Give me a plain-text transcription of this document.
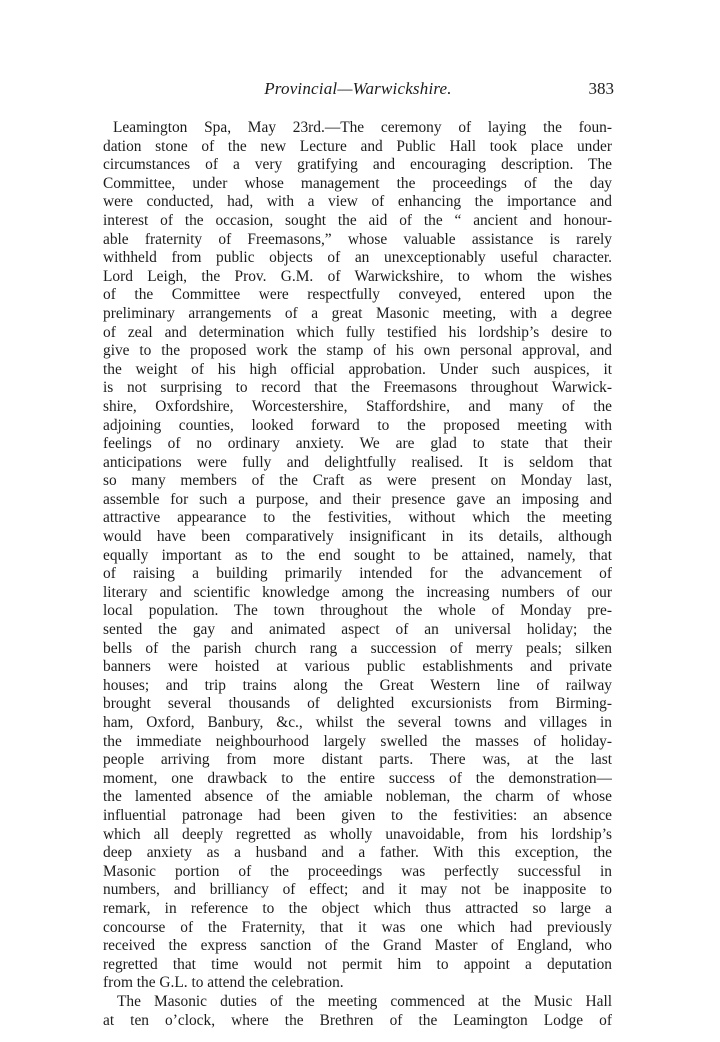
Provincial—Warwickshire.	383
Leamington Spa, May 23rd.—The ceremony of laying the foun-
dation stone of the new Lecture and Public Hall took place under
circumstances of a very gratifying and encouraging description. The
Committee, under whose management the proceedings of the day
were conducted, had, with a view of enhancing the importance and
interest of the occasion, sought the aid of the “ ancient and honour-
able fraternity of Freemasons,” whose valuable assistance is rarely
withheld from public objects of an unexceptionably useful character.
Lord Leigh, the Prov. G.M. of Warwickshire, to whom the wishes
of the Committee were respectfully conveyed, entered upon the
preliminary arrangements of a great Masonic meeting, with a degree
of zeal and determination which fully testified his lordship’s desire to
give to the proposed work the stamp of his own personal approval, and
the weight of his high official approbation. Under such auspices, it
is not surprising to record that the Freemasons throughout Warwick-
shire, Oxfordshire, Worcestershire, Staffordshire, and many of the
adjoining counties, looked forward to the proposed meeting with
feelings of no ordinary anxiety. We are glad to state that their
anticipations were fully and delightfully realised. It is seldom that
so many members of the Craft as were present on Monday last,
assemble for such a purpose, and their presence gave an imposing and
attractive appearance to the festivities, without which the meeting
would have been comparatively insignificant in its details, although
equally important as to the end sought to be attained, namely, that
of raising a building primarily intended for the advancement of
literary and scientific knowledge among the increasing numbers of our
local population. The town throughout the whole of Monday pre-
sented the gay and animated aspect of an universal holiday; the
bells of the parish church rang a succession of merry peals; silken
banners were hoisted at various public establishments and private
houses; and trip trains along the Great Western line of railway
brought several thousands of delighted excursionists from Birming-
ham, Oxford, Banbury, &c., whilst the several towns and villages in
the immediate neighbourhood largely swelled the masses of holiday-
people arriving from more distant parts. There was, at the last
moment, one drawback to the entire success of the demonstration—
the lamented absence of the amiable nobleman, the charm of whose
influential patronage had been given to the festivities: an absence
which all deeply regretted as wholly unavoidable, from his lordship’s
deep anxiety as a husband and a father. With this exception, the
Masonic portion of the proceedings was perfectly successful in
numbers, and brilliancy of effect; and it may not be inapposite to
remark, in reference to the object which thus attracted so large a
concourse of the Fraternity, that it was one which had previously
received the express sanction of the Grand Master of England, who
regretted that time would not permit him to appoint a deputation
from the G.L. to attend the celebration.
The Masonic duties of the meeting commenced at the Music Hall
at ten o’clock, where the Brethren of the Leamington Lodge of
